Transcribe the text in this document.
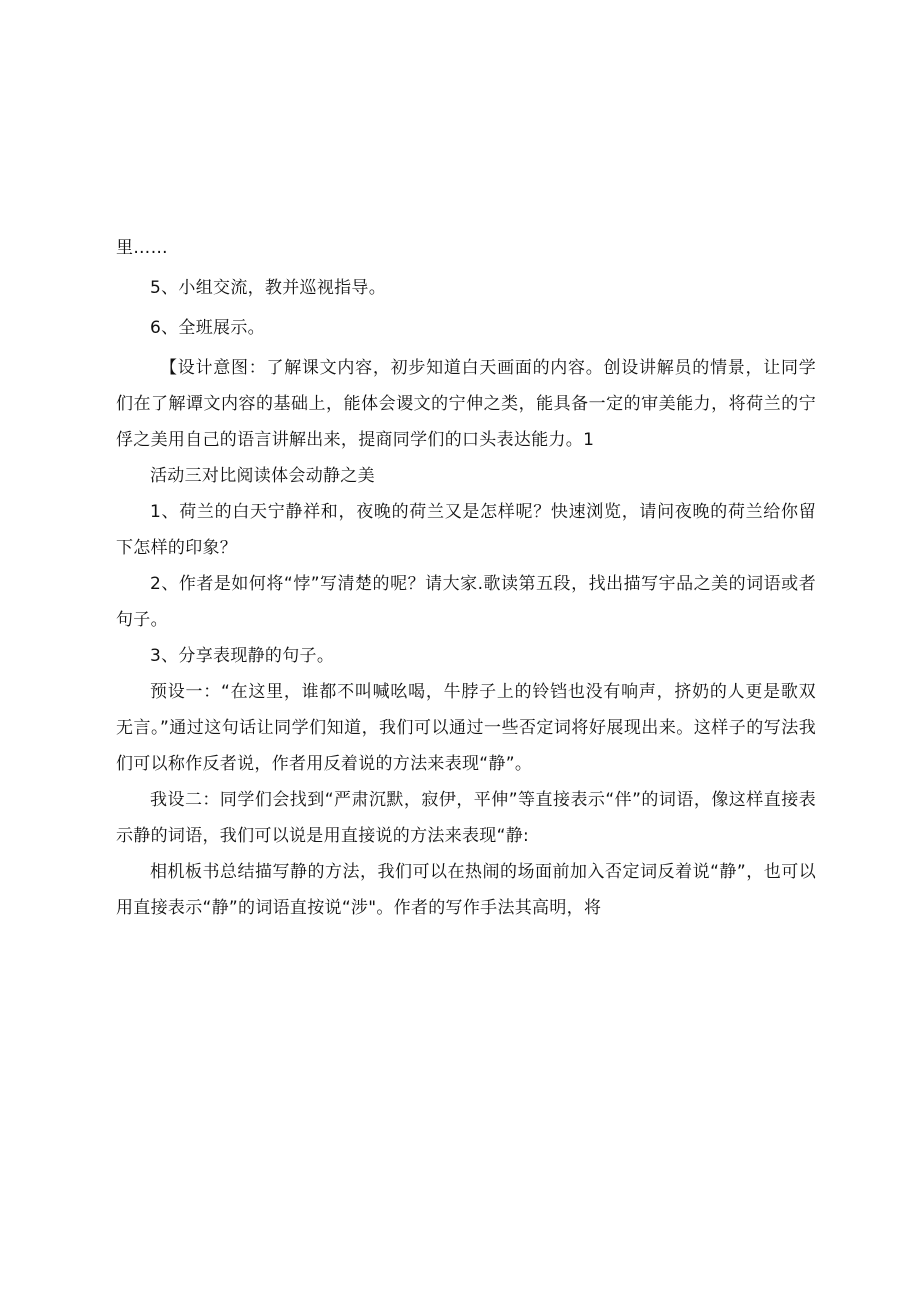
里……

5、小组交流，教并巡视指导。

6、全班展示。

【设计意图：了解课文内容，初步知道白天画面的内容。创设讲解员的情景，让同学们在了解谭文内容的基础上，能体会谡文的宁伸之类，能具备一定的审美能力，将荷兰的宁俘之美用自己的语言讲解出来，提商同学们的口头表达能力。1

活动三对比阅读体会动静之美

1、荷兰的白天宁静祥和，夜晚的荷兰又是怎样呢？快速浏览，请问夜晚的荷兰给你留下怎样的印象？

2、作者是如何将“悖”写清楚的呢？请大家.歌读第五段，找出描写宇品之美的词语或者句子。

3、分享表现静的句子。

预设一：“在这里，谁都不叫喊吆喝，牛脖子上的铃铛也没有响声，挤奶的人更是歌双无言。”通过这句话让同学们知道，我们可以通过一些否定词将好展现出来。这样子的写法我们可以称作反者说，作者用反着说的方法来表现“静”。

我设二：同学们会找到“严肃沉默，寂伊，平伸”等直接表示“伴”的词语，像这样直接表示静的词语，我们可以说是用直接说的方法来表现“静:

相机板书总结描写静的方法，我们可以在热闹的场面前加入否定词反着说“静”，也可以用直接表示“静”的词语直按说“涉"。作者的写作手法其高明，将
